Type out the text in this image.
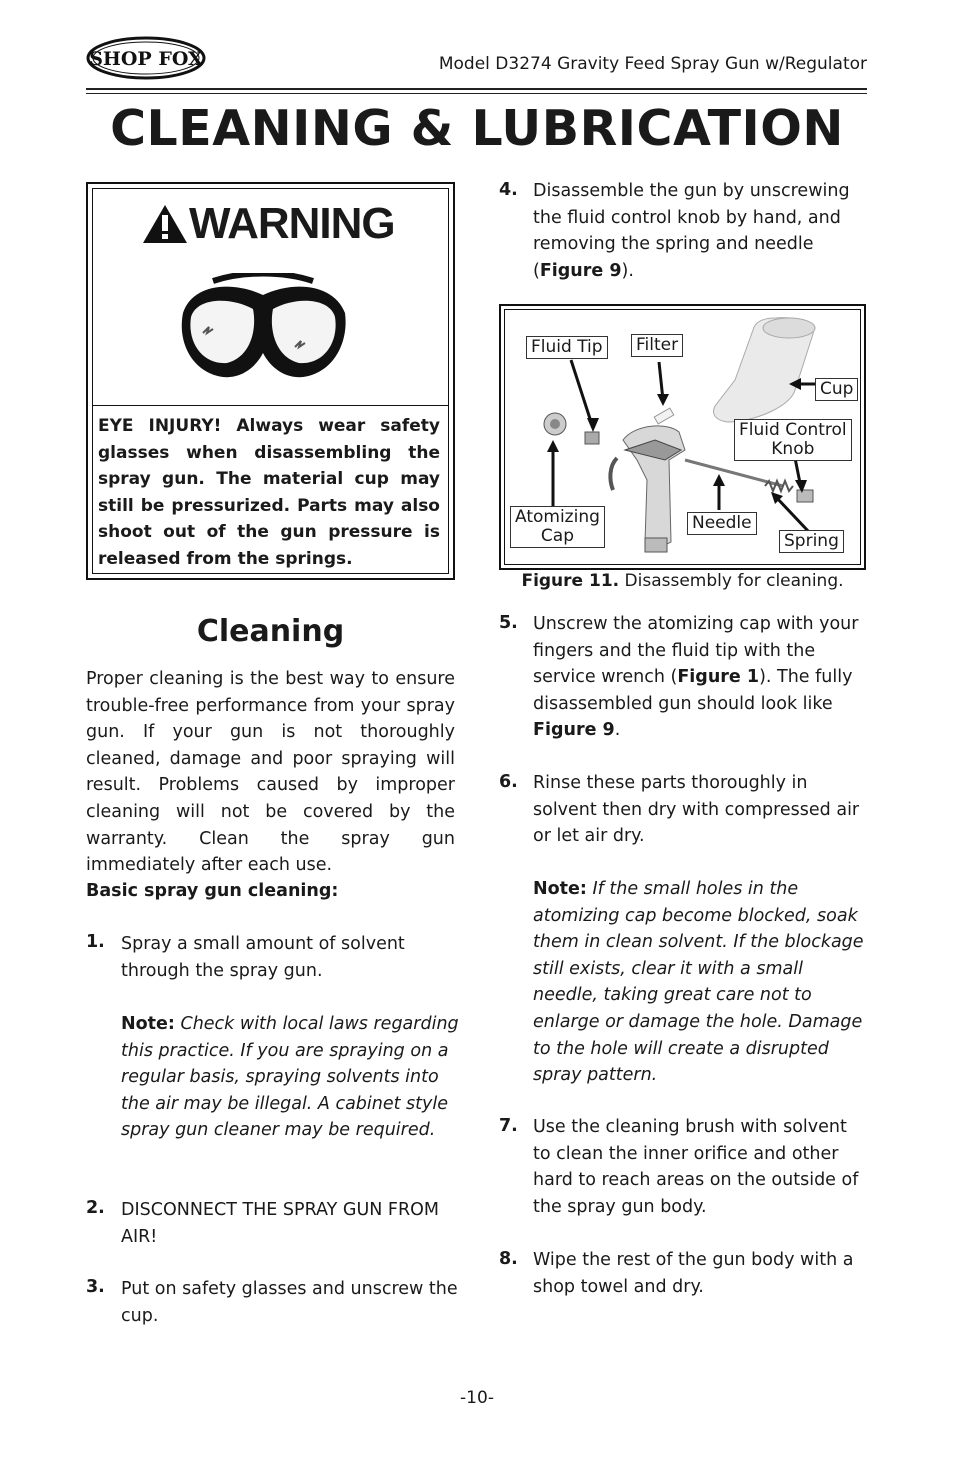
SHOP FOX	Model D3274 Gravity Feed Spray Gun w/Regulator
CLEANING & LUBRICATION
WARNING
EYE INJURY! Always wear safety glasses when disassembling the spray gun. The material cup may still be pressurized. Parts may also shoot out of the gun pressure is released from the springs.
Cleaning
Proper cleaning is the best way to ensure trouble-free performance from your spray gun. If your gun is not thoroughly cleaned, damage and poor spraying will result. Problems caused by improper cleaning will not be covered by the warranty. Clean the spray gun immediately after each use.
Basic spray gun cleaning:
1. Spray a small amount of solvent through the spray gun.
Note: Check with local laws regarding this practice. If you are spraying on a regular basis, spraying solvents into the air may be illegal. A cabinet style spray gun cleaner may be required.
2. DISCONNECT THE SPRAY GUN FROM AIR!
3. Put on safety glasses and unscrew the cup.
4. Disassemble the gun by unscrewing the fluid control knob by hand, and removing the spring and needle (Figure 9).
Fluid Tip Filter
Cup
Fluid Control
Knob
Atomizing
Cap
Needle
Spring
Figure 11. Disassembly for cleaning.
5. Unscrew the atomizing cap with your fingers and the fluid tip with the service wrench (Figure 1). The fully disassembled gun should look like Figure 9.
6. Rinse these parts thoroughly in solvent then dry with compressed air or let air dry.
Note: If the small holes in the atomizing cap become blocked, soak them in clean solvent. If the blockage still exists, clear it with a small needle, taking great care not to enlarge or damage the hole. Damage to the hole will create a disrupted spray pattern.
7. Use the cleaning brush with solvent to clean the inner orifice and other hard to reach areas on the outside of the spray gun body.
8. Wipe the rest of the gun body with a shop towel and dry.
-10-
